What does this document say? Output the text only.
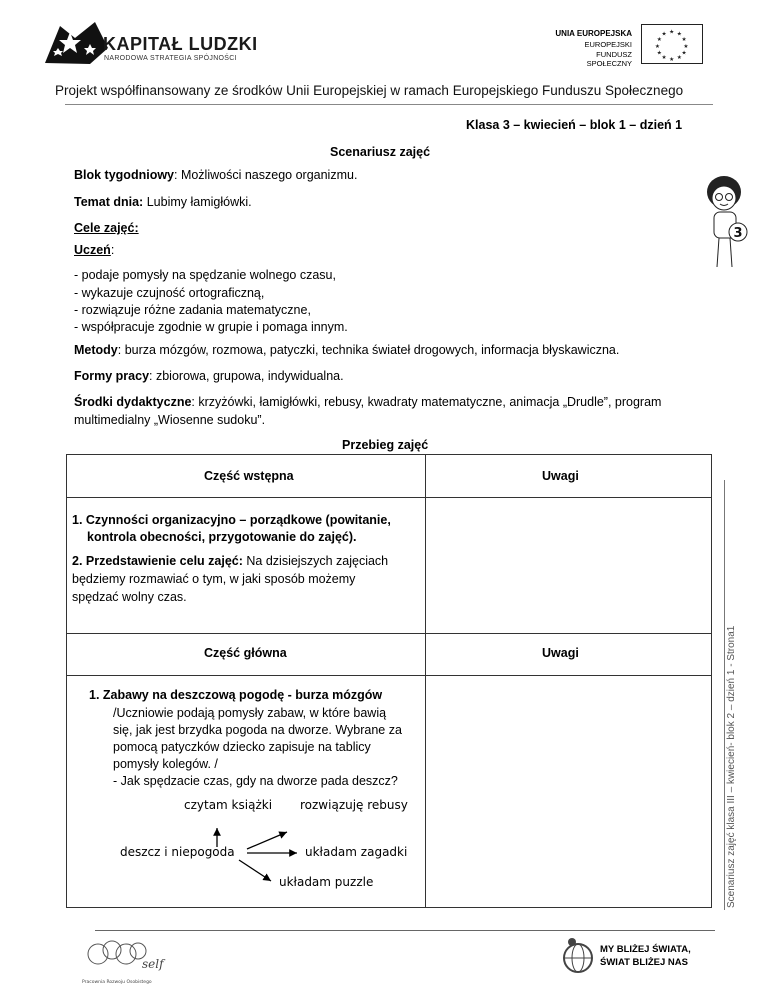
KAPITAŁ LUDZKI
NARODOWA STRATEGIA SPÓJNOŚCI
UNIA EUROPEJSKA
EUROPEJSKI
FUNDUSZ SPOŁECZNY
★ ★
★
★
★
★
★
★
★
★
★
★
Projekt współfinansowany ze środków Unii Europejskiej w ramach Europejskiego Funduszu Społecznego
Klasa 3 – kwiecień – blok 1 – dzień 1
Scenariusz zajęć
Blok tygodniowy: Możliwości naszego organizmu.
Temat dnia: Lubimy łamigłówki.
Cele zajęć:
Uczeń:
- podaje pomysły na spędzanie wolnego czasu,
- wykazuje czujność ortograficzną,
- rozwiązuje różne zadania matematyczne,
- współpracuje zgodnie w grupie i pomaga innym.
Metody: burza mózgów, rozmowa, patyczki, technika świateł drogowych, informacja błyskawiczna.
Formy pracy: zbiorowa, grupowa, indywidualna.
Środki dydaktyczne: krzyżówki, łamigłówki, rebusy, kwadraty matematyczne, animacja „Drudle”, program
multimedialny „Wiosenne sudoku”.
Przebieg zajęć
3
Część wstępna	Uwagi
1. Czynności organizacyjno – porządkowe (powitanie,
kontrola obecności, przygotowanie do zajęć).
2. Przedstawienie celu zajęć: Na dzisiejszych zajęciach
będziemy rozmawiać o tym, w jaki sposób możemy
spędzać wolny czas.
Część główna	Uwagi
1. Zabawy na deszczową pogodę - burza mózgów
/Uczniowie podają pomysły zabaw, w które bawią
się, jak jest brzydka pogoda na dworze. Wybrane za
pomocą patyczków dziecko zapisuje na tablicy
pomysły kolegów. /
- Jak spędzacie czas, gdy na dworze pada deszcz?
czytam książki rozwiązuję rebusy
deszcz i niepogoda	układam zagadki
układam puzzle	Scenariusz zajęć klasa III – kwiecień- blok 2 – dzień 1 - Strona1
self
Pracownia Rozwoju Osobistego
MY BLIŻEJ ŚWIATA,
ŚWIAT BLIŻEJ NAS
